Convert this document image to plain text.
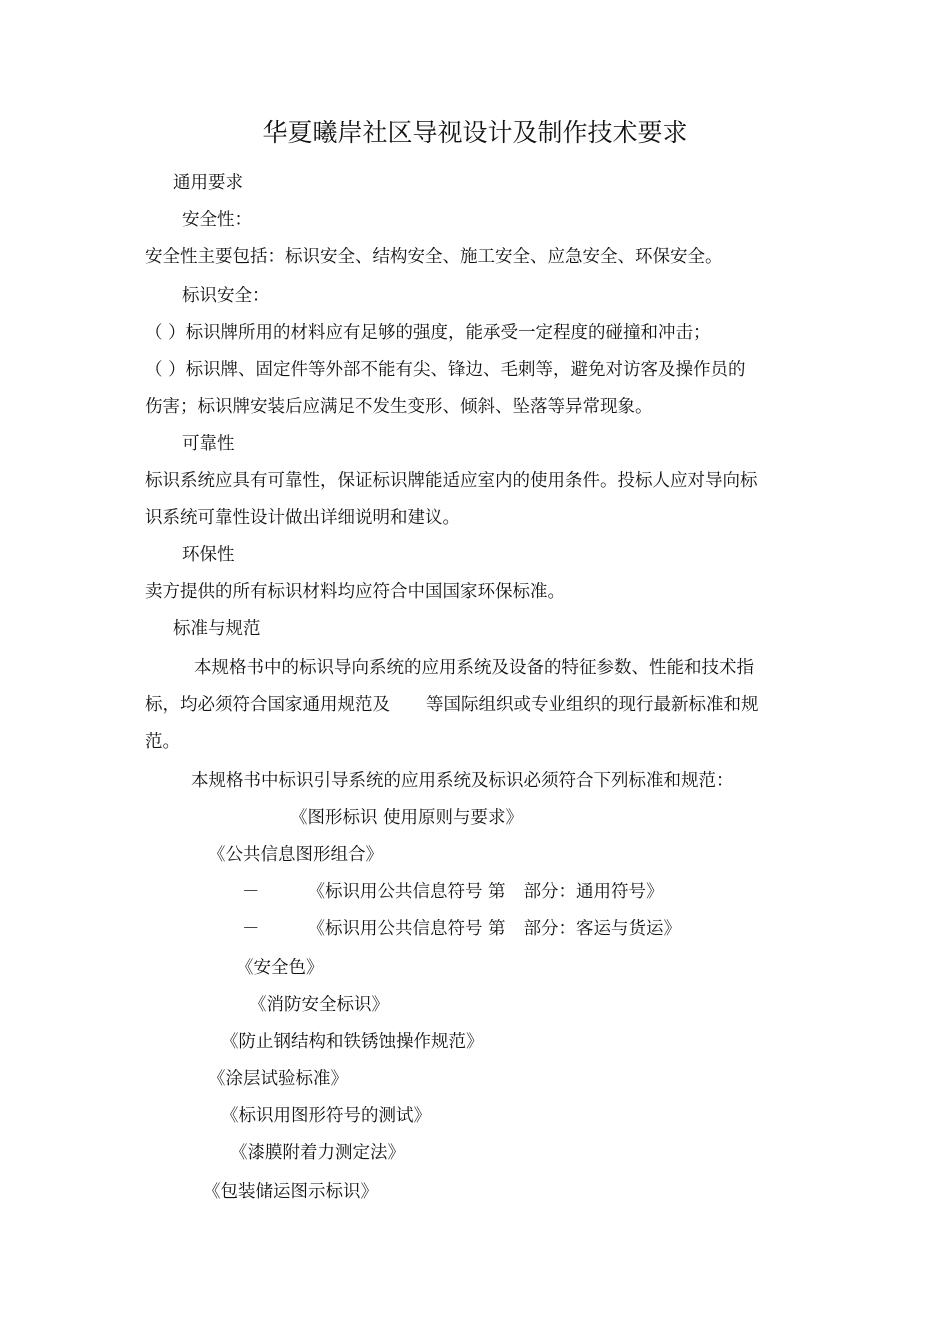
华夏曦岸社区导视设计及制作技术要求
通用要求
安全性：
安全性主要包括：标识安全、结构安全、施工安全、应急安全、环保安全。
标识安全：
（ ）标识牌所用的材料应有足够的强度，能承受一定程度的碰撞和冲击；
（ ）标识牌、固定件等外部不能有尖、锋边、毛刺等，避免对访客及操作员的
伤害；标识牌安装后应满足不发生变形、倾斜、坠落等异常现象。
可靠性
标识系统应具有可靠性，保证标识牌能适应室内的使用条件。投标人应对导向标
识系统可靠性设计做出详细说明和建议。
环保性
卖方提供的所有标识材料均应符合中国国家环保标准。
标准与规范
本规格书中的标识导向系统的应用系统及设备的特征参数、性能和技术指
标，均必须符合国家通用规范及 等国际组织或专业组织的现行最新标准和规
范。
本规格书中标识引导系统的应用系统及标识必须符合下列标准和规范：
《图形标识 使用原则与要求》
《公共信息图形组合》
－	《标识用公共信息符号 第 部分：通用符号》
－	《标识用公共信息符号 第 部分：客运与货运》
《安全色》
《消防安全标识》
《防止钢结构和铁锈蚀操作规范》
《涂层试验标准》
《标识用图形符号的测试》
《漆膜附着力测定法》
《包装储运图示标识》
